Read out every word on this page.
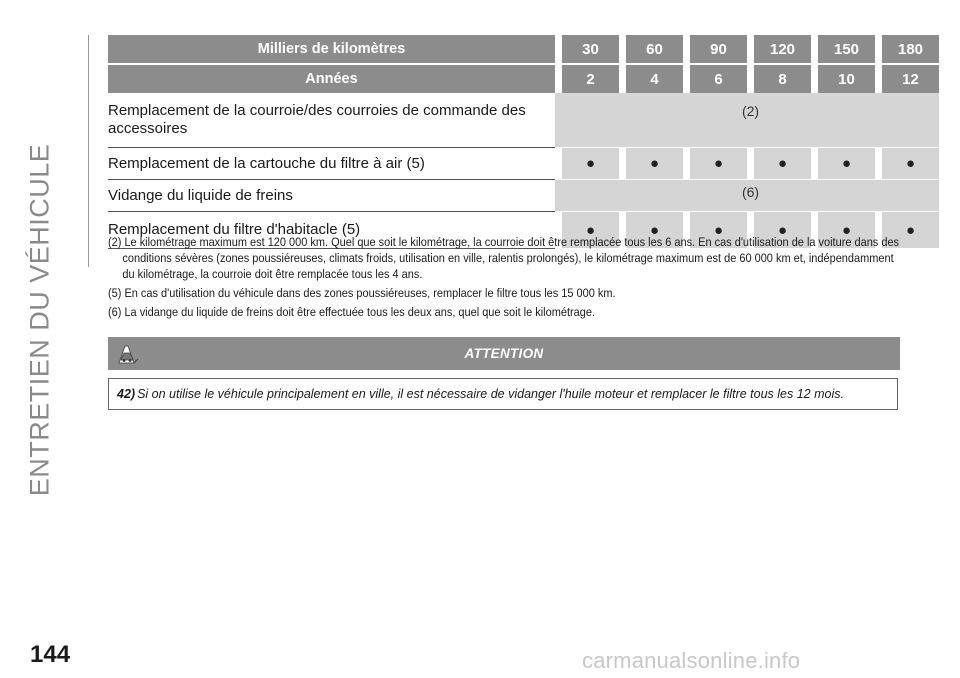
ENTRETIEN DU VÉHICULE
Milliers de kilomètres		30		60		90		120		150		180
Années		2		4		6		8		10		12
Remplacement de la courroie/des courroies de commande des accessoires		(2)										
Remplacement de la cartouche du filtre à air (5)		●		●		●		●		●		●
Vidange du liquide de freins		(6)										
Remplacement du filtre d'habitacle (5)		●		●		●		●		●		●

(2) Le kilométrage maximum est 120 000 km. Quel que soit le kilométrage, la courroie doit être remplacée tous les 6 ans. En cas d'utilisation de la voiture dans des conditions sévères (zones poussiéreuses, climats froids, utilisation en ville, ralentis prolongés), le kilométrage maximum est de 60 000 km et, indépendamment du kilométrage, la courroie doit être remplacée tous les 4 ans.

(5) En cas d'utilisation du véhicule dans des zones poussiéreuses, remplacer le filtre tous les 15 000 km.

(6) La vidange du liquide de freins doit être effectuée tous les deux ans, quel que soit le kilométrage.

ATTENTION
42) Si on utilise le véhicule principalement en ville, il est nécessaire de vidanger l'huile moteur et remplacer le filtre tous les 12 mois.
144	carmanualsonline.info
